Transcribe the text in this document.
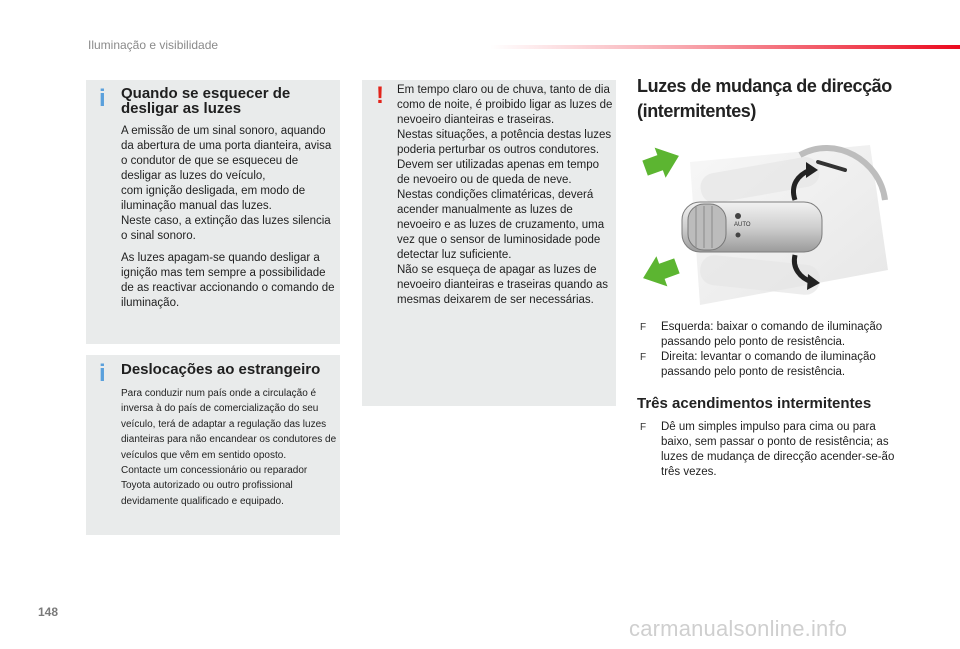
Iluminação e visibilidade
i Quando se esquecer de desligar as luzes
A emissão de um sinal sonoro, aquando da abertura de uma porta dianteira, avisa o condutor de que se esqueceu de desligar as luzes do veículo,
com ignição desligada, em modo de iluminação manual das luzes.
Neste caso, a extinção das luzes silencia o sinal sonoro.
As luzes apagam-se quando desligar a ignição mas tem sempre a possibilidade de as reactivar accionando o comando de iluminação.
i Deslocações ao estrangeiro
Para conduzir num país onde a circulação é inversa à do país de comercialização do seu veículo, terá de adaptar a regulação das luzes dianteiras para não encandear os condutores de veículos que vêm em sentido oposto.
Contacte um concessionário ou reparador Toyota autorizado ou outro profissional devidamente qualificado e equipado.
! Em tempo claro ou de chuva, tanto de dia como de noite, é proibido ligar as luzes de nevoeiro dianteiras e traseiras.
Nestas situações, a potência destas luzes poderia perturbar os outros condutores. Devem ser utilizadas apenas em tempo de nevoeiro ou de queda de neve.
Nestas condições climatéricas, deverá acender manualmente as luzes de nevoeiro e as luzes de cruzamento, uma vez que o sensor de luminosidade pode detectar luz suficiente.
Não se esqueça de apagar as luzes de nevoeiro dianteiras e traseiras quando as mesmas deixarem de ser necessárias.
Luzes de mudança de direcção (intermitentes)
AUTO
F Esquerda: baixar o comando de iluminação passando pelo ponto de resistência.
F Direita: levantar o comando de iluminação passando pelo ponto de resistência.
Três acendimentos intermitentes
F Dê um simples impulso para cima ou para baixo, sem passar o ponto de resistência; as luzes de mudança de direcção acender-se-ão três vezes.
148
carmanualsonline.info
